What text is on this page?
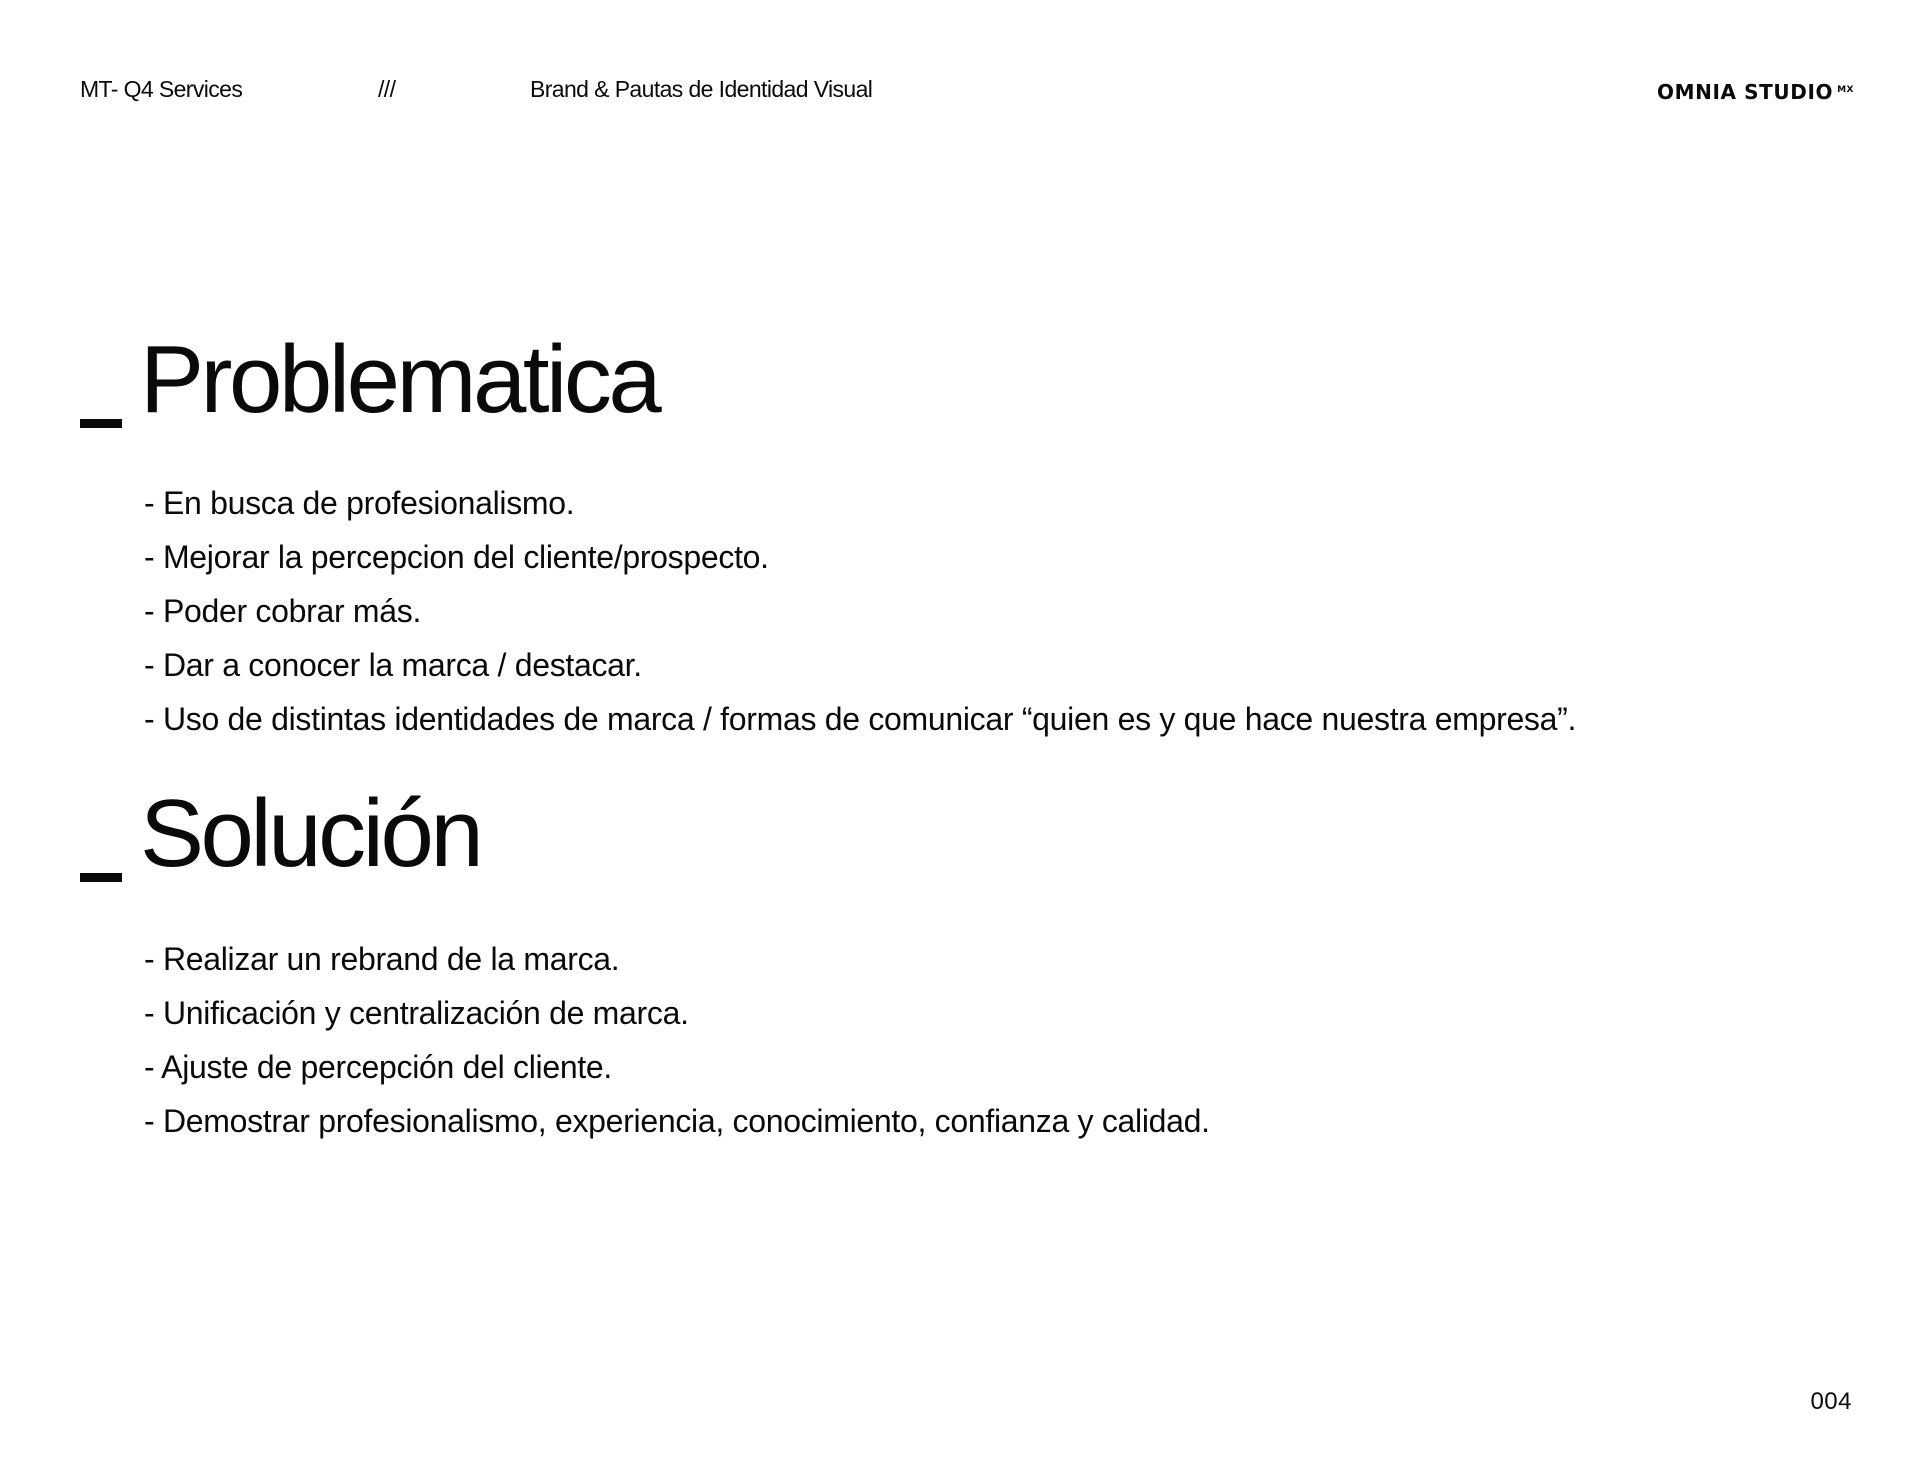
MT- Q4 Services	///	Brand & Pautas de Identidad Visual	OMNIA STUDIO $^{MX}$
Problematica
- En busca de profesionalismo.
- Mejorar la percepcion del cliente/prospecto.
- Poder cobrar más.
- Dar a conocer la marca / destacar.
- Uso de distintas identidades de marca / formas de comunicar “quien es y que hace nuestra empresa”.
Solución
- Realizar un rebrand de la marca.
- Unificación y centralización de marca.
- Ajuste de percepción del cliente.
- Demostrar profesionalismo, experiencia, conocimiento, confianza y calidad.
004
